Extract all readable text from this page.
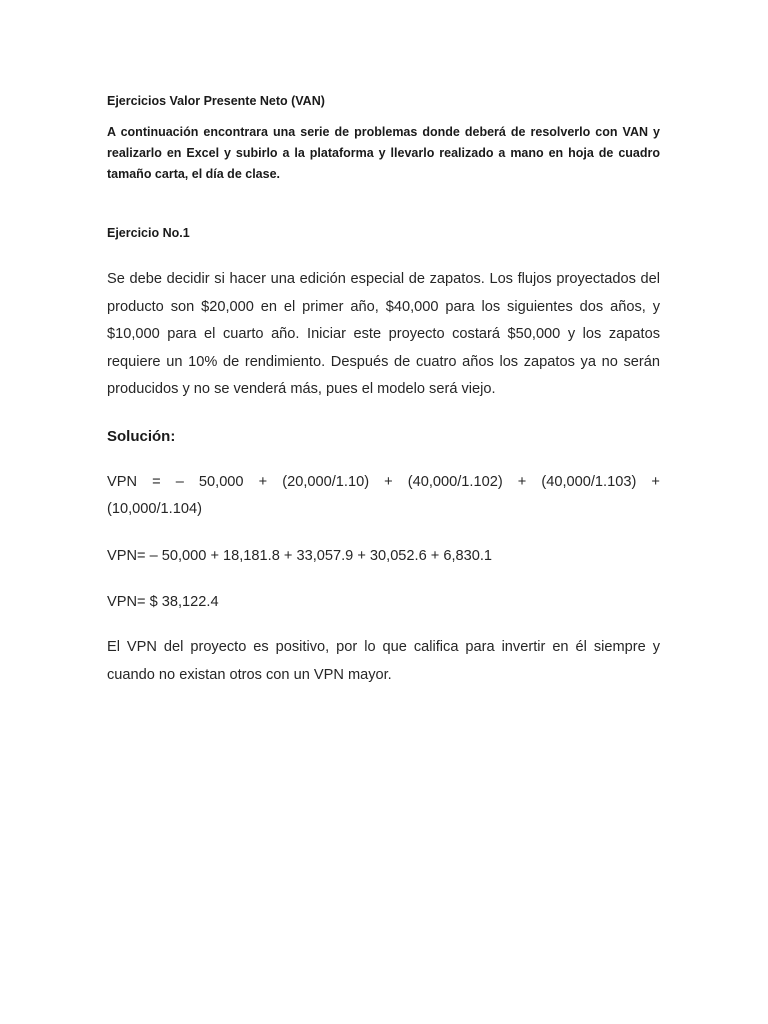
Ejercicios Valor Presente Neto (VAN)
A continuación encontrara una serie de problemas donde deberá de resolverlo con VAN y realizarlo en Excel y subirlo a la plataforma y llevarlo realizado a mano en hoja de cuadro tamaño carta, el día de clase.
Ejercicio No.1
Se debe decidir si hacer una edición especial de zapatos. Los flujos proyectados del producto son $20,000 en el primer año, $40,000 para los siguientes dos años, y $10,000 para el cuarto año. Iniciar este proyecto costará $50,000 y los zapatos requiere un 10% de rendimiento. Después de cuatro años los zapatos ya no serán producidos y no se venderá más, pues el modelo será viejo.
Solución:
VPN = – 50,000 + (20,000/1.10) + (40,000/1.102) + (40,000/1.103) +
(10,000/1.104)
VPN= – 50,000 + 18,181.8 + 33,057.9 + 30,052.6 + 6,830.1
VPN= $ 38,122.4
El VPN del proyecto es positivo, por lo que califica para invertir en él siempre y cuando no existan otros con un VPN mayor.
